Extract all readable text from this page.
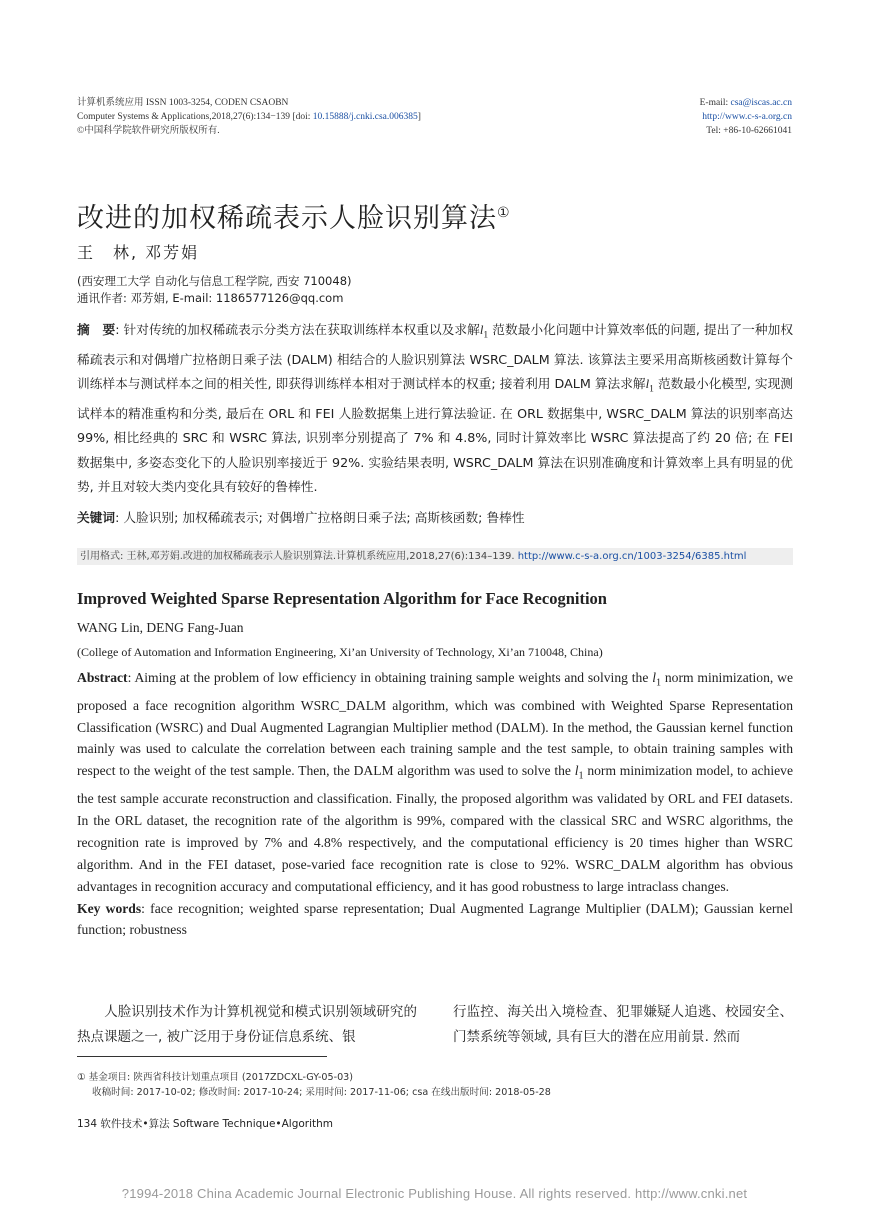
计算机系统应用 ISSN 1003-3254, CODEN CSAOBN
Computer Systems & Applications,2018,27(6):134−139 [doi: 10.15888/j.cnki.csa.006385]
©中国科学院软件研究所版权所有.
E-mail: csa@iscas.ac.cn
http://www.c-s-a.org.cn
Tel: +86-10-62661041
改进的加权稀疏表示人脸识别算法①
王　林, 邓芳娟
(西安理工大学 自动化与信息工程学院, 西安 710048)
通讯作者: 邓芳娟, E-mail: 1186577126@qq.com
摘　要: 针对传统的加权稀疏表示分类方法在获取训练样本权重以及求解$l_1$ 范数最小化问题中计算效率低的问题, 提出了一种加权稀疏表示和对偶增广拉格朗日乘子法 (DALM) 相结合的人脸识别算法 WSRC_DALM 算法. 该算法主要采用高斯核函数计算每个训练样本与测试样本之间的相关性, 即获得训练样本相对于测试样本的权重; 接着利用 DALM 算法求解$l_1$ 范数最小化模型, 实现测试样本的精准重构和分类, 最后在 ORL 和 FEI 人脸数据集上进行算法验证. 在 ORL 数据集中, WSRC_DALM 算法的识别率高达 99%, 相比经典的 SRC 和 WSRC 算法, 识别率分别提高了 7% 和 4.8%, 同时计算效率比 WSRC 算法提高了约 20 倍; 在 FEI 数据集中, 多姿态变化下的人脸识别率接近于 92%. 实验结果表明, WSRC_DALM 算法在识别准确度和计算效率上具有明显的优势, 并且对较大类内变化具有较好的鲁棒性.
关键词: 人脸识别; 加权稀疏表示; 对偶增广拉格朗日乘子法; 高斯核函数; 鲁棒性
引用格式: 王林,邓芳娟.改进的加权稀疏表示人脸识别算法.计算机系统应用,2018,27(6):134–139. http://www.c-s-a.org.cn/1003-3254/6385.html
Improved Weighted Sparse Representation Algorithm for Face Recognition
WANG Lin, DENG Fang-Juan
(College of Automation and Information Engineering, Xi’an University of Technology, Xi’an 710048, China)
Abstract: Aiming at the problem of low efficiency in obtaining training sample weights and solving the $l_1$ norm minimization, we proposed a face recognition algorithm WSRC_DALM algorithm, which was combined with Weighted Sparse Representation Classification (WSRC) and Dual Augmented Lagrangian Multiplier method (DALM). In the method, the Gaussian kernel function mainly was used to calculate the correlation between each training sample and the test sample, to obtain training samples with respect to the weight of the test sample. Then, the DALM algorithm was used to solve the $l_1$ norm minimization model, to achieve the test sample accurate reconstruction and classification. Finally, the proposed algorithm was validated by ORL and FEI datasets. In the ORL dataset, the recognition rate of the algorithm is 99%, compared with the classical SRC and WSRC algorithms, the recognition rate is improved by 7% and 4.8% respectively, and the computational efficiency is 20 times higher than WSRC algorithm. And in the FEI dataset, pose-varied face recognition rate is close to 92%. WSRC_DALM algorithm has obvious advantages in recognition accuracy and computational efficiency, and it has good robustness to large intraclass changes.
Key words: face recognition; weighted sparse representation; Dual Augmented Lagrange Multiplier (DALM); Gaussian kernel function; robustness
　　人脸识别技术作为计算机视觉和模式识别领域研究的热点课题之一, 被广泛用于身份证信息系统、银
行监控、海关出入境检查、犯罪嫌疑人追逃、校园安全、门禁系统等领域, 具有巨大的潜在应用前景. 然而
① 基金项目: 陕西省科技计划重点项目 (2017ZDCXL-GY-05-03)
收稿时间: 2017-10-02; 修改时间: 2017-10-24; 采用时间: 2017-11-06; csa 在线出版时间: 2018-05-28
134 软件技术•算法 Software Technique•Algorithm
?1994-2018 China Academic Journal Electronic Publishing House. All rights reserved. http://www.cnki.net
